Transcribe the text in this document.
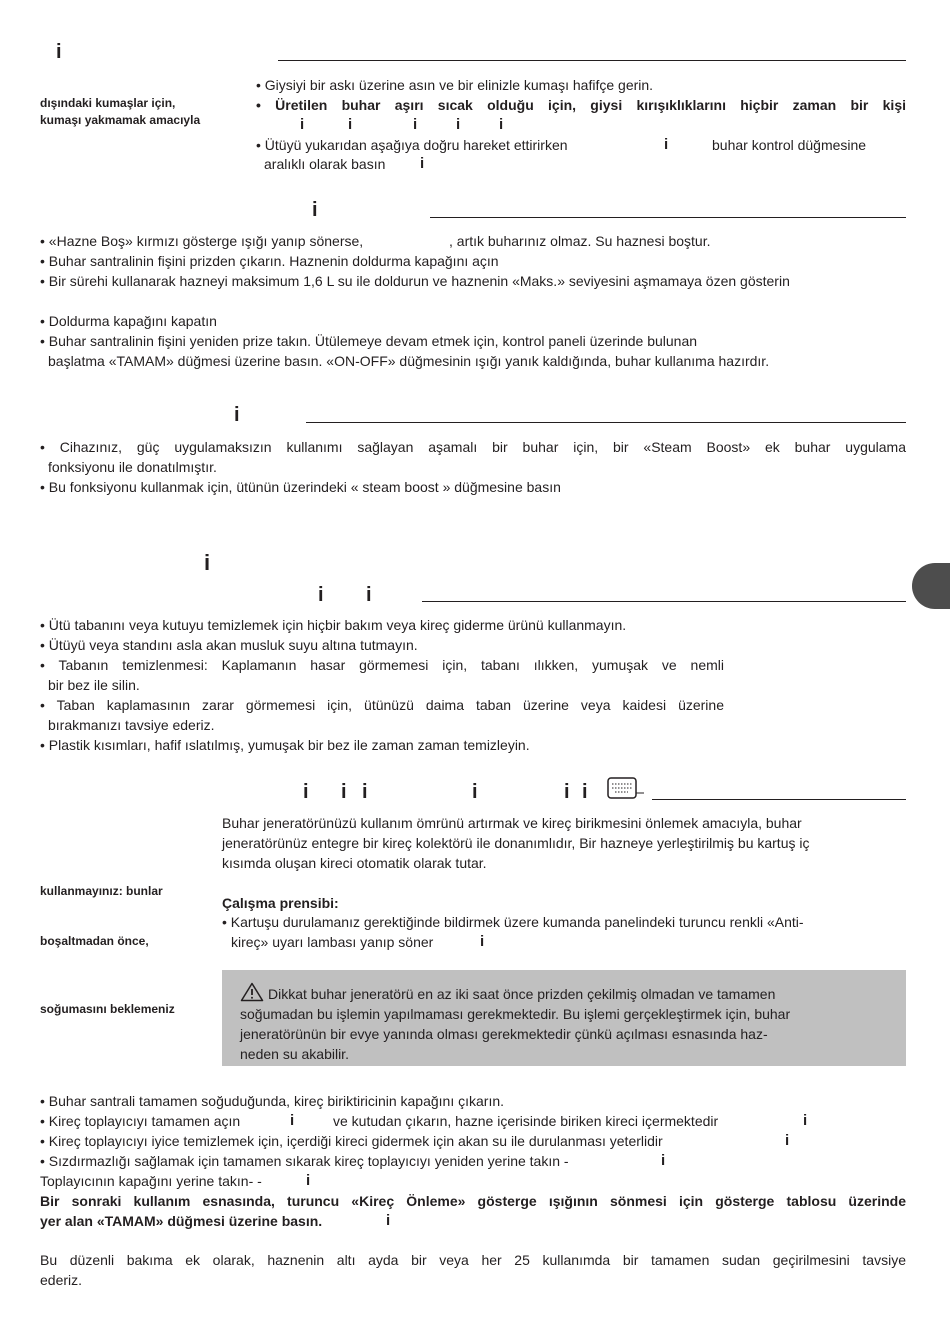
i
dışındaki kumaşlar için,
kumaşı yakmamak amacıyla
• Giysiyi bir askı üzerine asın ve bir elinizle kumaşı hafifçe gerin.
• Üretilen buhar aşırı sıcak olduğu için, giysi kırışıklıklarını hiçbir zaman bir kişi
i	i	i	i	i
• Ütüyü yukarıdan aşağıya doğru hareket ettirirken	i	buhar kontrol düğmesine
aralıklı olarak basın i
i
• «Hazne Boş» kırmızı gösterge ışığı yanıp sönerse,	, artık buharınız olmaz. Su haznesi boştur.
• Buhar santralinin fişini prizden çıkarın. Haznenin doldurma kapağını açın
• Bir sürehi kullanarak hazneyi maksimum 1,6 L su ile doldurun ve haznenin «Maks.» seviyesini aşmamaya özen gösterin
• Doldurma kapağını kapatın
• Buhar santralinin fişini yeniden prize takın. Ütülemeye devam etmek için, kontrol paneli üzerinde bulunan
başlatma «TAMAM» düğmesi üzerine basın. «ON-OFF» düğmesinin ışığı yanık kaldığında, buhar kullanıma hazırdır.
i
• Cihazınız, güç uygulamaksızın kullanımı sağlayan aşamalı bir buhar için, bir «Steam Boost» ek buhar uygulama
fonksiyonu ile donatılmıştır.
• Bu fonksiyonu kullanmak için, ütünün üzerindeki « steam boost » düğmesine basın
i
i i
• Ütü tabanını veya kutuyu temizlemek için hiçbir bakım veya kireç giderme ürünü kullanmayın.
• Ütüyü veya standını asla akan musluk suyu altına tutmayın.
• Tabanın temizlenmesi: Kaplamanın hasar görmemesi için, tabanı ılıkken, yumuşak ve nemli
bir bez ile silin.
• Taban kaplamasının zarar görmemesi için, ütünüzü daima taban üzerine veya kaidesi üzerine
bırakmanızı tavsiye ederiz.
• Plastik kısımları, hafif ıslatılmış, yumuşak bir bez ile zaman zaman temizleyin.
i i i	i	i i
Buhar jeneratörünüzü kullanım ömrünü artırmak ve kireç birikmesini önlemek amacıyla, buhar
jeneratörünüz entegre bir kireç kolektörü ile donanımlıdır, Bir hazneye yerleştirilmiş bu kartuş iç
kısımda oluşan kireci otomatik olarak tutar.
kullanmayınız: bunlar
Çalışma prensibi:
• Kartuşu durulamanız gerektiğinde bildirmek üzere kumanda panelindeki turuncu renkli «Anti-
boşaltmadan önce,	kireç» uyarı lambası yanıp söner	i
soğumasını beklemeniz
Dikkat buhar jeneratörü en az iki saat önce prizden çekilmiş olmadan ve tamamen
soğumadan bu işlemin yapılmaması gerekmektedir. Bu işlemi gerçekleştirmek için, buhar
jeneratörünün bir evye yanında olması gerekmektedir çünkü açılması esnasında haz-
neden su akabilir.
• Buhar santrali tamamen soğuduğunda, kireç biriktiricinin kapağını çıkarın.
• Kireç toplayıcıyı tamamen açın	i	ve kutudan çıkarın, hazne içerisinde biriken kireci içermektedir	i
• Kireç toplayıcıyı iyice temizlemek için, içerdiği kireci gidermek için akan su ile durulanması yeterlidir	i
• Sızdırmazlığı sağlamak için tamamen sıkarak kireç toplayıcıyı yeniden yerine takın -	i
Toplayıcının kapağını yerine takın- -	i
Bir sonraki kullanım esnasında, turuncu «Kireç Önleme» gösterge ışığının sönmesi için gösterge tablosu üzerinde
yer alan «TAMAM» düğmesi üzerine basın.	i
Bu düzenli bakıma ek olarak, haznenin altı ayda bir veya her 25 kullanımda bir tamamen sudan geçirilmesini tavsiye
ederiz.
